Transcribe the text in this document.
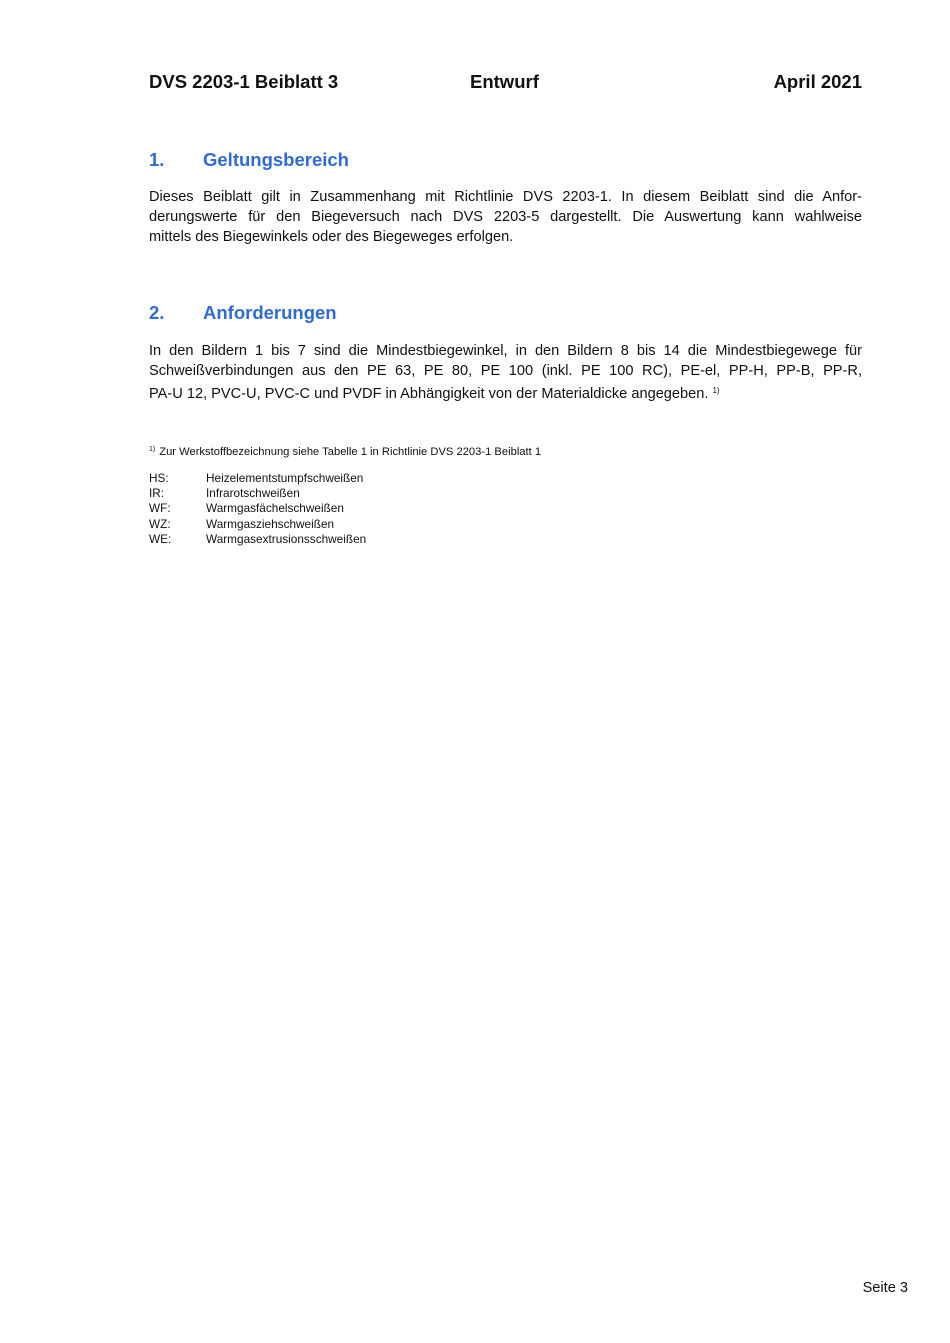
DVS 2203-1 Beiblatt 3	Entwurf	April 2021
1. Geltungsbereich
Dieses Beiblatt gilt in Zusammenhang mit Richtlinie DVS 2203-1. In diesem Beiblatt sind die Anfor-
derungswerte für den Biegeversuch nach DVS 2203-5 dargestellt. Die Auswertung kann wahlweise
mittels des Biegewinkels oder des Biegeweges erfolgen.
2. Anforderungen
In den Bildern 1 bis 7 sind die Mindestbiegewinkel, in den Bildern 8 bis 14 die Mindestbiegewege für
Schweißverbindungen aus den PE 63, PE 80, PE 100 (inkl. PE 100 RC), PE-el, PP-H, PP-B, PP-R,
PA-U 12, PVC-U, PVC-C und PVDF in Abhängigkeit von der Materialdicke angegeben. $^{1)}$
$^{1)}$ Zur Werkstoffbezeichnung siehe Tabelle 1 in Richtlinie DVS 2203-1 Beiblatt 1
HS:	Heizelementstumpfschweißen
IR:	Infrarotschweißen
WF:	Warmgasfächelschweißen
WZ:	Warmgasziehschweißen
WE:	Warmgasextrusionsschweißen
Seite 3
